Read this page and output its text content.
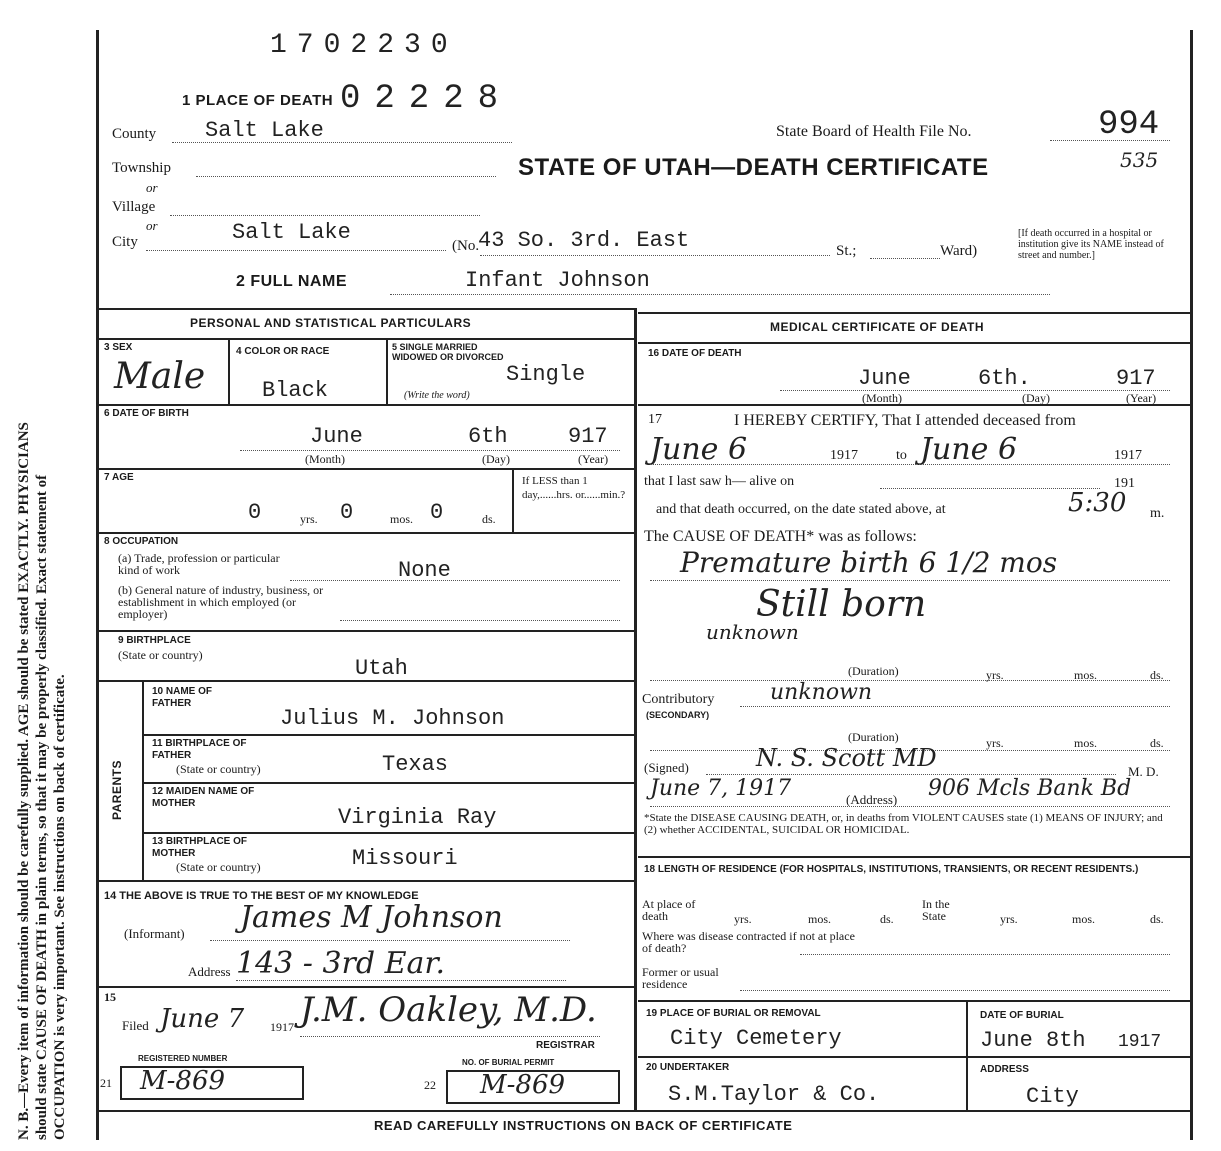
N. B.—Every item of information should be carefully supplied. AGE should be stated EXACTLY. PHYSICIANS should state CAUSE OF DEATH in plain terms, so that it may be properly classified. Exact statement of OCCUPATION is very important. See instructions on back of certificate.
1702230
1 PLACE OF DEATH 02228
County Salt Lake	State Board of Health File No.	994
535
STATE OF UTAH—DEATH CERTIFICATE
Township
or
Village
or
City	Salt Lake
(No.
43 So. 3rd. East	St.;	Ward)
[If death occurred in a hospital or institution give its NAME instead of street and number.]
2 FULL NAME	Infant Johnson
PERSONAL AND STATISTICAL PARTICULARS
3 SEX
Male
4 COLOR OR RACE
Black
5 SINGLE MARRIED WIDOWED OR DIVORCED
(Write the word)
Single
6 DATE OF BIRTH
June	6th	917
(Month)	(Day)	(Year)
7 AGE
0	yrs. 0	mos. 0	ds.
If LESS than 1 day,......hrs. or......min.?
8 OCCUPATION
(a) Trade, profession or particular kind of work	None
(b) General nature of industry, business, or establishment in which employed (or employer)
9 BIRTHPLACE
(State or country)
Utah
PARENTS
10 NAME OF FATHER
Julius M. Johnson
11 BIRTHPLACE OF FATHER
(State or country)	Texas
12 MAIDEN NAME OF MOTHER
Virginia Ray
13 BIRTHPLACE OF MOTHER
(State or country)	Missouri
14 THE ABOVE IS TRUE TO THE BEST OF MY KNOWLEDGE
(Informant) James M Johnson
Address 143 - 3rd Ear.
15
Filed June 7 1917 J.M. Oakley, M.D.
REGISTRAR
REGISTERED NUMBER
21 M-869
NO. OF BURIAL PERMIT
22 M-869
MEDICAL CERTIFICATE OF DEATH
16 DATE OF DEATH
June	6th.	917
(Month)	(Day)	(Year)
17	I HEREBY CERTIFY, That I attended deceased from
June 6	1917	to June 6	1917
that I last saw h— alive on	191
and that death occurred, on the date stated above, at	5:30 m.
The CAUSE OF DEATH* was as follows:
Premature birth 6 1/2 mos
Still born
unknown
(Duration)	yrs.	mos.	ds.
Contributory
(SECONDARY)
unknown
(Duration)	yrs.	mos.	ds.
(Signed)	N. S. Scott MD	M. D.
June 7, 1917	(Address) 906 Mcls Bank Bd
*State the DISEASE CAUSING DEATH, or, in deaths from VIOLENT CAUSES state (1) MEANS OF INJURY; and (2) whether ACCIDENTAL, SUICIDAL OR HOMICIDAL.
18 LENGTH OF RESIDENCE (FOR HOSPITALS, INSTITUTIONS, TRANSIENTS, OR RECENT RESIDENTS.)
At place of death	yrs.	mos.	ds.
In the State	yrs.	mos.	ds.
Where was disease contracted if not at place of death?
Former or usual residence
19 PLACE OF BURIAL OR REMOVAL
City Cemetery
DATE OF BURIAL
June 8th 1917
20 UNDERTAKER
S.M.Taylor & Co.
ADDRESS
City
READ CAREFULLY INSTRUCTIONS ON BACK OF CERTIFICATE
